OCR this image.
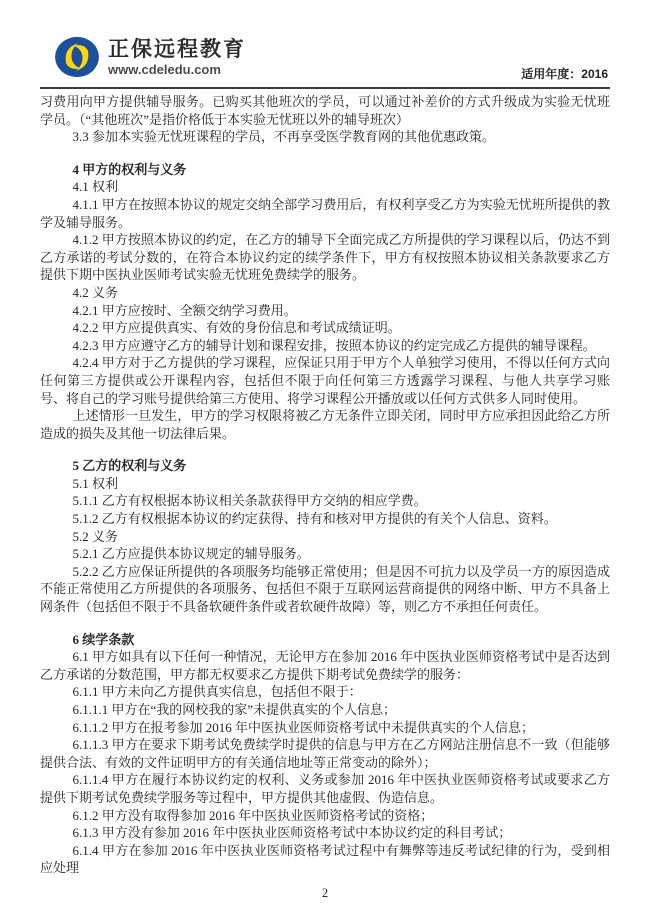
正保远程教育
www.cdeledu.com	适用年度：2016

习费用向甲方提供辅导服务。已购买其他班次的学员，可以通过补差价的方式升级成为实验无忧班学员。（“其他班次”是指价格低于本实验无忧班以外的辅导班次）

3.3 参加本实验无忧班课程的学员，不再享受医学教育网的其他优惠政策。

4 甲方的权利与义务

4.1 权利

4.1.1 甲方在按照本协议的规定交纳全部学习费用后，有权利享受乙方为实验无忧班所提供的教学及辅导服务。

4.1.2 甲方按照本协议的约定，在乙方的辅导下全面完成乙方所提供的学习课程以后，仍达不到乙方承诺的考试分数的，在符合本协议约定的续学条件下，甲方有权按照本协议相关条款要求乙方提供下期中医执业医师考试实验无忧班免费续学的服务。

4.2 义务

4.2.1 甲方应按时、全额交纳学习费用。

4.2.2 甲方应提供真实、有效的身份信息和考试成绩证明。

4.2.3 甲方应遵守乙方的辅导计划和课程安排，按照本协议的约定完成乙方提供的辅导课程。

4.2.4 甲方对于乙方提供的学习课程，应保证只用于甲方个人单独学习使用，不得以任何方式向任何第三方提供或公开课程内容，包括但不限于向任何第三方透露学习课程、与他人共享学习账号、将自己的学习账号提供给第三方使用、将学习课程公开播放或以任何方式供多人同时使用。

上述情形一旦发生，甲方的学习权限将被乙方无条件立即关闭，同时甲方应承担因此给乙方所造成的损失及其他一切法律后果。

5 乙方的权利与义务

5.1 权利

5.1.1 乙方有权根据本协议相关条款获得甲方交纳的相应学费。

5.1.2 乙方有权根据本协议的约定获得、持有和核对甲方提供的有关个人信息、资料。

5.2 义务

5.2.1 乙方应提供本协议规定的辅导服务。

5.2.2 乙方应保证所提供的各项服务均能够正常使用；但是因不可抗力以及学员一方的原因造成不能正常使用乙方所提供的各项服务、包括但不限于互联网运营商提供的网络中断、甲方不具备上网条件（包括但不限于不具备软硬件条件或者软硬件故障）等，则乙方不承担任何责任。

6 续学条款

6.1 甲方如具有以下任何一种情况，无论甲方在参加 2016 年中医执业医师资格考试中是否达到乙方承诺的分数范围，甲方都无权要求乙方提供下期考试免费续学的服务：

6.1.1 甲方未向乙方提供真实信息，包括但不限于：

6.1.1.1 甲方在“我的网校我的家”未提供真实的个人信息；

6.1.1.2 甲方在报考参加 2016 年中医执业医师资格考试中未提供真实的个人信息；

6.1.1.3 甲方在要求下期考试免费续学时提供的信息与甲方在乙方网站注册信息不一致（但能够提供合法、有效的文件证明甲方的有关通信地址等正常变动的除外）；

6.1.1.4 甲方在履行本协议约定的权利、义务或参加 2016 年中医执业医师资格考试或要求乙方提供下期考试免费续学服务等过程中，甲方提供其他虚假、伪造信息。

6.1.2 甲方没有取得参加 2016 年中医执业医师资格考试的资格；

6.1.3 甲方没有参加 2016 年中医执业医师资格考试中本协议约定的科目考试；

6.1.4 甲方在参加 2016 年中医执业医师资格考试过程中有舞弊等违反考试纪律的行为，受到相应处理

2
